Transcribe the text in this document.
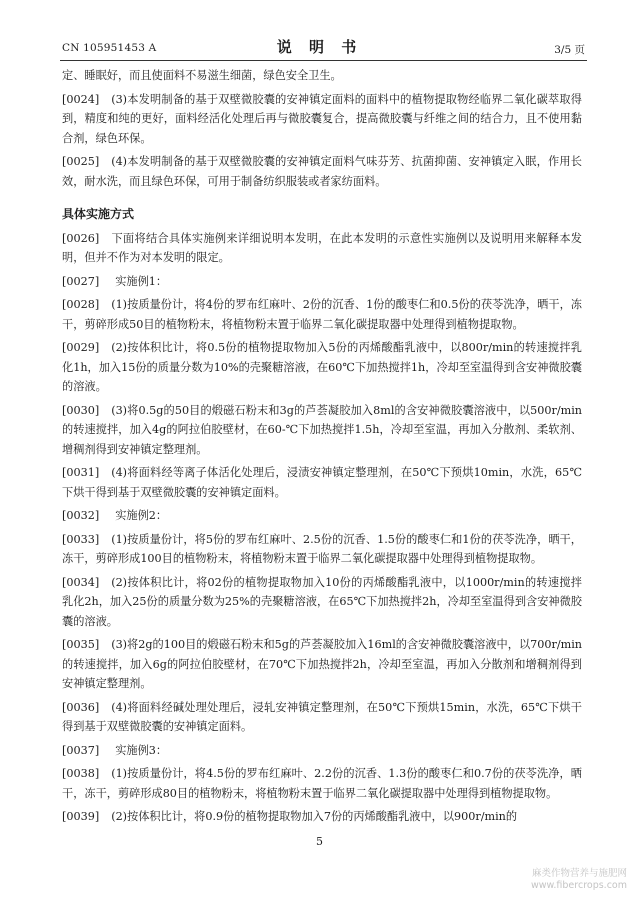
CN 105951453 A	说 明 书	3/5 页

定、睡眠好，而且使面料不易滋生细菌，绿色安全卫生。

[0024] (3)本发明制备的基于双壁微胶囊的安神镇定面料的面料中的植物提取物经临界二氧化碳萃取得到，精度和纯的更好，面料经活化处理后再与微胶囊复合，提高微胶囊与纤维之间的结合力，且不使用黏合剂，绿色环保。

[0025] (4)本发明制备的基于双壁微胶囊的安神镇定面料气味芬芳、抗菌抑菌、安神镇定入眠，作用长效，耐水洗，而且绿色环保，可用于制备纺织服装或者家纺面料。

具体实施方式

[0026] 下面将结合具体实施例来详细说明本发明，在此本发明的示意性实施例以及说明用来解释本发明，但并不作为对本发明的限定。

[0027] 实施例1：

[0028] (1)按质量份计，将4份的罗布红麻叶、2份的沉香、1份的酸枣仁和0.5份的茯苓洗净，晒干，冻干，剪碎形成50目的植物粉末，将植物粉末置于临界二氧化碳提取器中处理得到植物提取物。

[0029] (2)按体积比计，将0.5份的植物提取物加入5份的丙烯酸酯乳液中，以800r/min的转速搅拌乳化1h，加入15份的质量分数为10%的壳聚糖溶液，在60℃下加热搅拌1h，冷却至室温得到含安神微胶囊的溶液。

[0030] (3)将0.5g的50目的煅磁石粉末和3g的芦荟凝胶加入8ml的含安神微胶囊溶液中，以500r/min的转速搅拌，加入4g的阿拉伯胶壁材，在60-℃下加热搅拌1.5h，冷却至室温，再加入分散剂、柔软剂、增稠剂得到安神镇定整理剂。

[0031] (4)将面料经等离子体活化处理后，浸渍安神镇定整理剂，在50℃下预烘10min，水洗，65℃下烘干得到基于双壁微胶囊的安神镇定面料。

[0032] 实施例2：

[0033] (1)按质量份计，将5份的罗布红麻叶、2.5份的沉香、1.5份的酸枣仁和1份的茯苓洗净，晒干，冻干，剪碎形成100目的植物粉末，将植物粉末置于临界二氧化碳提取器中处理得到植物提取物。

[0034] (2)按体积比计，将02份的植物提取物加入10份的丙烯酸酯乳液中，以1000r/min的转速搅拌乳化2h，加入25份的质量分数为25%的壳聚糖溶液，在65℃下加热搅拌2h，冷却至室温得到含安神微胶囊的溶液。

[0035] (3)将2g的100目的煅磁石粉末和5g的芦荟凝胶加入16ml的含安神微胶囊溶液中，以700r/min的转速搅拌，加入6g的阿拉伯胶壁材，在70℃下加热搅拌2h，冷却至室温，再加入分散剂和增稠剂得到安神镇定整理剂。

[0036] (4)将面料经碱处理处理后，浸轧安神镇定整理剂，在50℃下预烘15min，水洗，65℃下烘干得到基于双壁微胶囊的安神镇定面料。

[0037] 实施例3：

[0038] (1)按质量份计，将4.5份的罗布红麻叶、2.2份的沉香、1.3份的酸枣仁和0.7份的茯苓洗净，晒干，冻干，剪碎形成80目的植物粉末，将植物粉末置于临界二氧化碳提取器中处理得到植物提取物。

[0039] (2)按体积比计，将0.9份的植物提取物加入7份的丙烯酸酯乳液中，以900r/min的

5
麻类作物营养与施肥网
www.fibercrops.com
